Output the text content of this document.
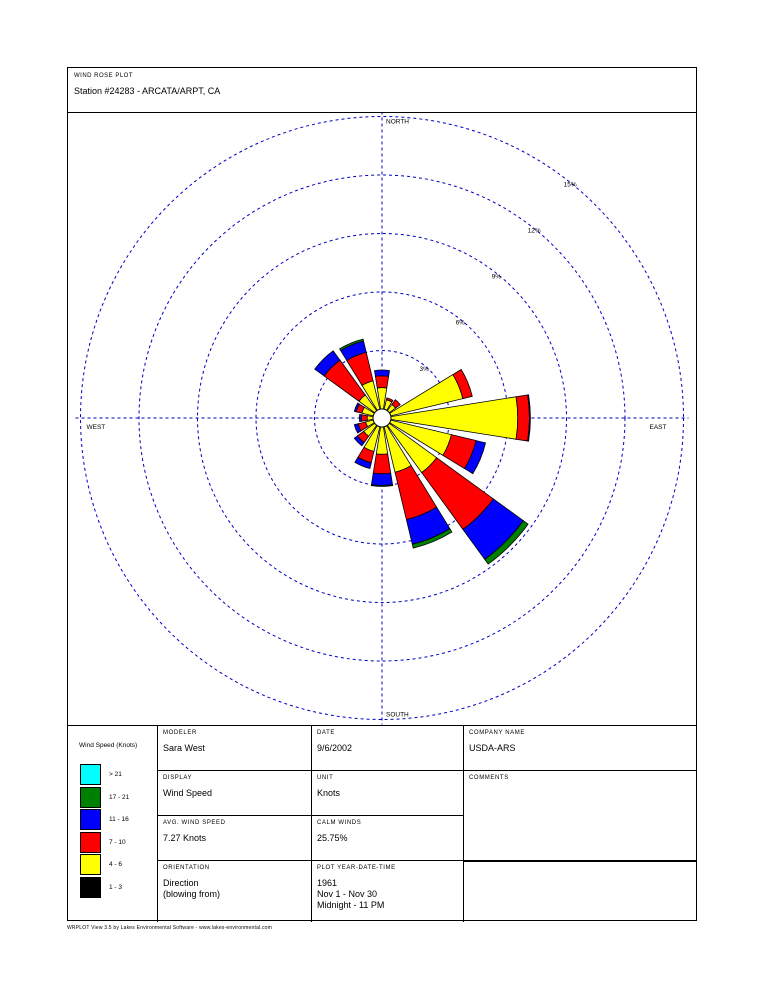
WIND ROSE PLOT
Station #24283 - ARCATA/ARPT, CA
3%
6%
9%
12%
15%
NORTH
SOUTH
EAST
WEST
Wind Speed (Knots)
> 21
17 - 21
11 - 16
7 - 10
4 - 6
1 - 3
MODELER
Sara West
DATE
9/6/2002
COMPANY NAME
USDA-ARS
DISPLAY
Wind Speed
UNIT
Knots
COMMENTS
AVG. WIND SPEED
7.27 Knots
CALM WINDS
25.75%
ORIENTATION
Direction
(blowing from)
PLOT YEAR-DATE-TIME
1961
Nov 1 - Nov 30
Midnight - 11 PM
WRPLOT View 3.5 by Lakes Environmental Software - www.lakes-environmental.com
